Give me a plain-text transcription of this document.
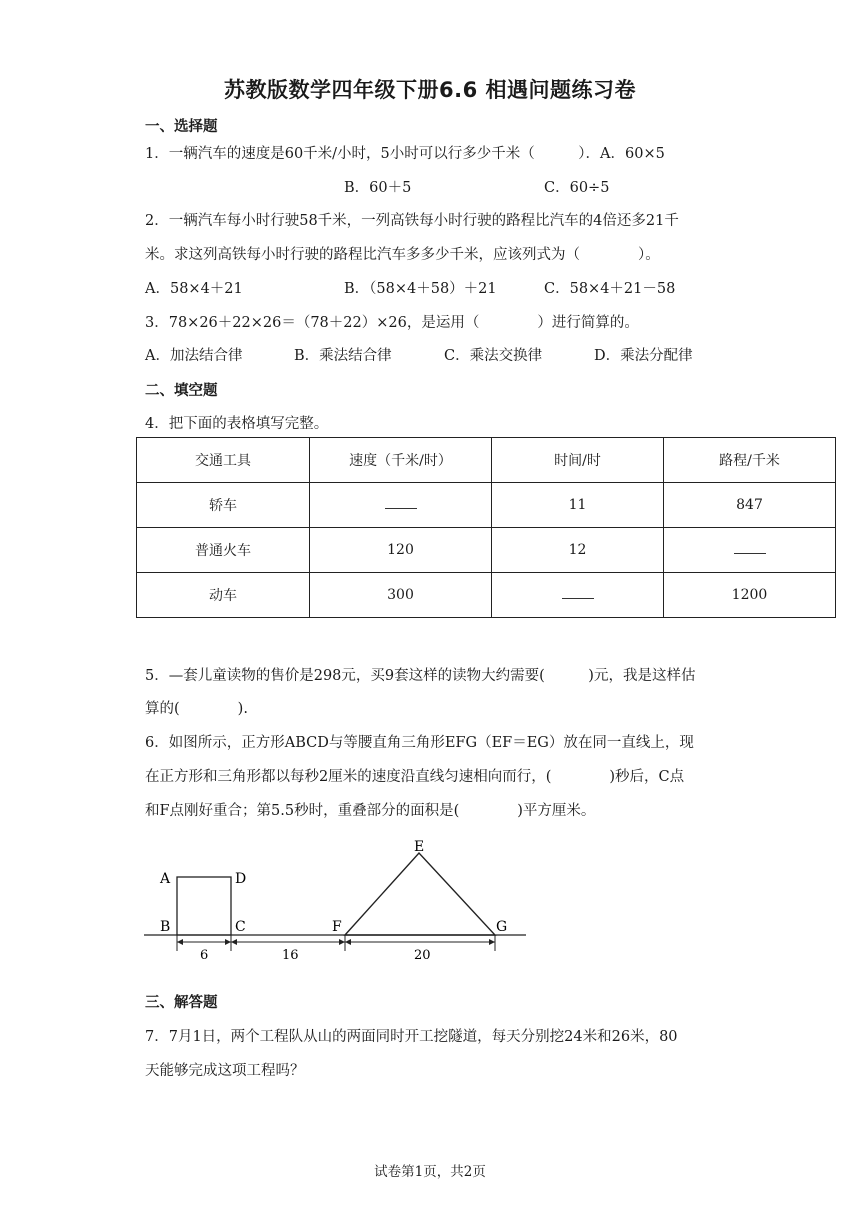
苏教版数学四年级下册6.6 相遇问题练习卷
一、选择题
1．一辆汽车的速度是60千米/小时，5小时可以行多少千米（　　　）．A．60×5
B．60＋5	C．60÷5
2．一辆汽车每小时行驶58千米，一列高铁每小时行驶的路程比汽车的4倍还多21千
米。求这列高铁每小时行驶的路程比汽车多多少千米，应该列式为（　　　　）。
A．58×4＋21	B．（58×4＋58）＋21	C．58×4＋21－58
3．78×26＋22×26＝（78＋22）×26，是运用（　　　　）进行简算的。
A．加法结合律	B．乘法结合律	C．乘法交换律	D．乘法分配律
二、填空题
4．把下面的表格填写完整。
交通工具	速度（千米/时）	时间/时	路程/千米
轿车		11	847
普通火车	120	12	
动车	300		1200
5．—套儿童读物的售价是298元，买9套这样的读物大约需要(　　　)元，我是这样估
算的(　　　　).
6．如图所示，正方形ABCD与等腰直角三角形EFG（EF＝EG）放在同一直线上，现
在正方形和三角形都以每秒2厘米的速度沿直线匀速相向而行，(　　　　)秒后，C点
和F点刚好重合；第5.5秒时，重叠部分的面积是(　　　　)平方厘米。
A
B	C
D
E
F	G
6	16	20
三、解答题
7．7月1日，两个工程队从山的两面同时开工挖隧道，每天分别挖24米和26米，80
天能够完成这项工程吗？
试卷第1页，共2页
